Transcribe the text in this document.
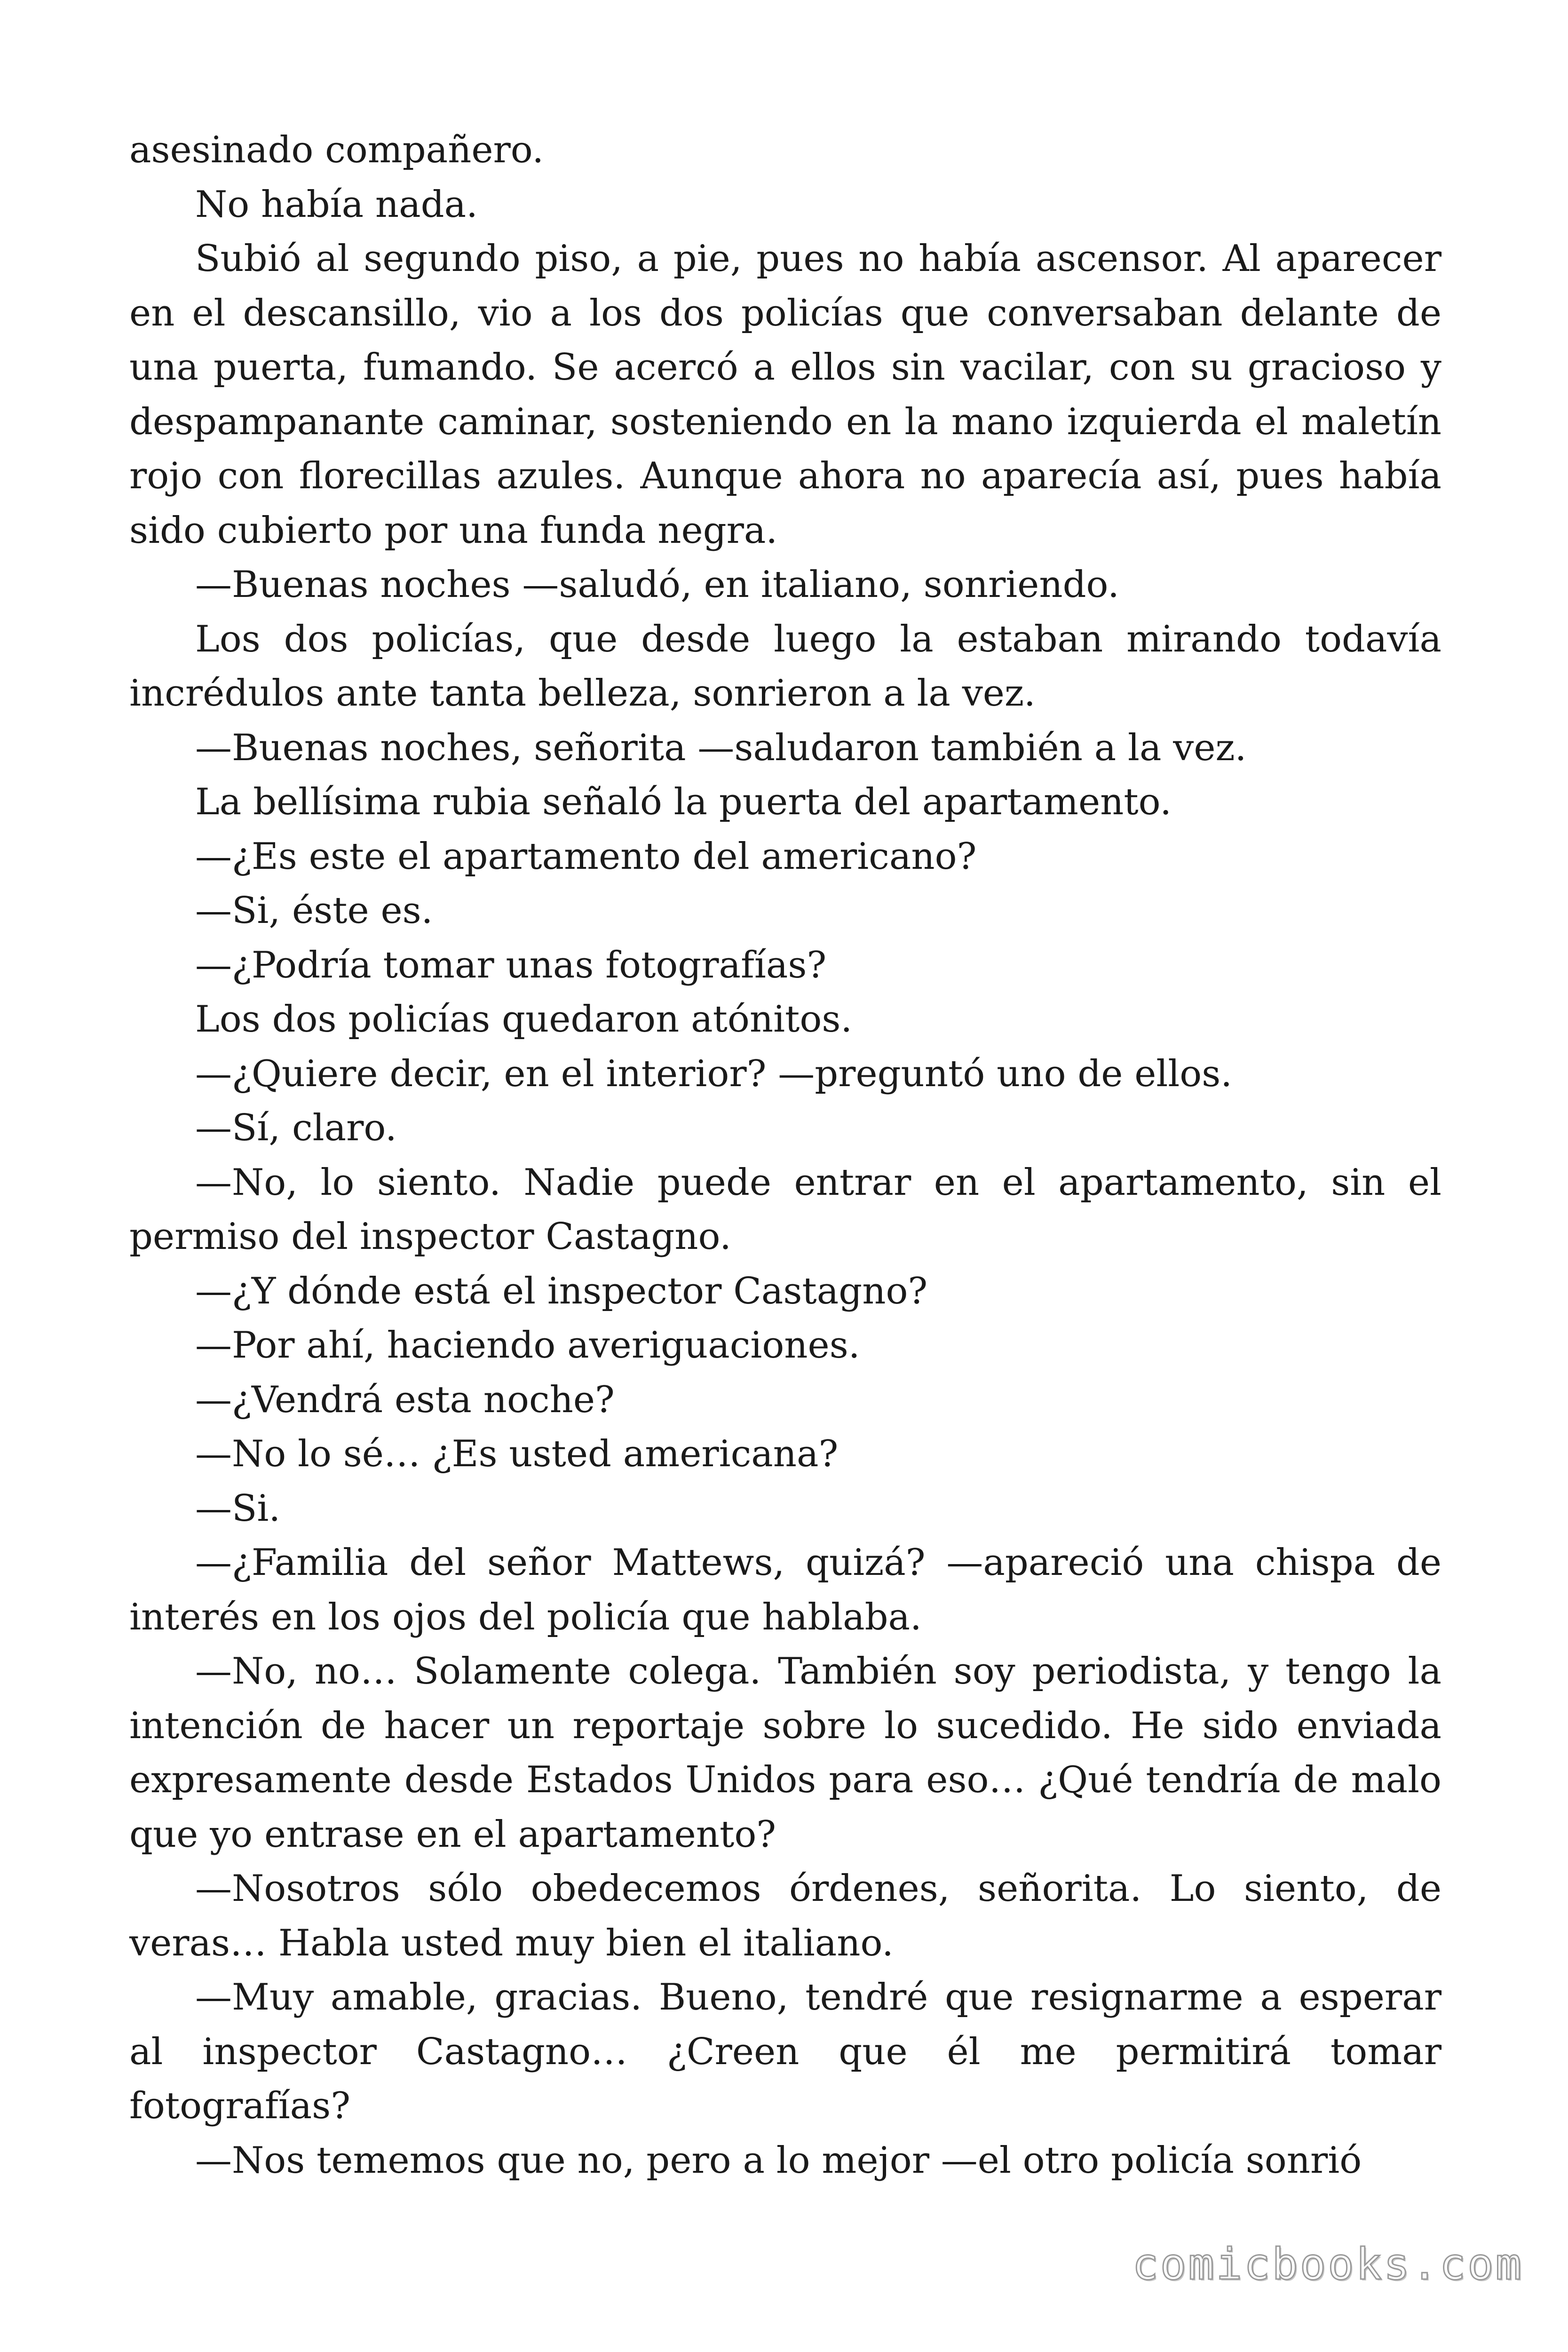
asesinado compañero.

No había nada.

Subió al segundo piso, a pie, pues no había ascensor. Al aparecer en el descansillo, vio a los dos policías que conversaban delante de una puerta, fumando. Se acercó a ellos sin vacilar, con su gracioso y despampanante caminar, sosteniendo en la mano izquierda el maletín rojo con florecillas azules. Aunque ahora no aparecía así, pues había sido cubierto por una funda negra.

—Buenas noches —saludó, en italiano, sonriendo.

Los dos policías, que desde luego la estaban mirando todavía incrédulos ante tanta belleza, sonrieron a la vez.

—Buenas noches, señorita —saludaron también a la vez.

La bellísima rubia señaló la puerta del apartamento.

—¿Es este el apartamento del americano?

—Si, éste es.

—¿Podría tomar unas fotografías?

Los dos policías quedaron atónitos.

—¿Quiere decir, en el interior? —preguntó uno de ellos.

—Sí, claro.

—No, lo siento. Nadie puede entrar en el apartamento, sin el permiso del inspector Castagno.

—¿Y dónde está el inspector Castagno?

—Por ahí, haciendo averiguaciones.

—¿Vendrá esta noche?

—No lo sé… ¿Es usted americana?

—Si.

—¿Familia del señor Mattews, quizá? —apareció una chispa de interés en los ojos del policía que hablaba.

—No, no… Solamente colega. También soy periodista, y tengo la intención de hacer un reportaje sobre lo sucedido. He sido enviada expresamente desde Estados Unidos para eso… ¿Qué tendría de malo que yo entrase en el apartamento?

—Nosotros sólo obedecemos órdenes, señorita. Lo siento, de veras… Habla usted muy bien el italiano.

—Muy amable, gracias. Bueno, tendré que resignarme a esperar al inspector Castagno… ¿Creen que él me permitirá tomar fotografías?

—Nos tememos que no, pero a lo mejor —el otro policía sonrió

comicbooks.com
